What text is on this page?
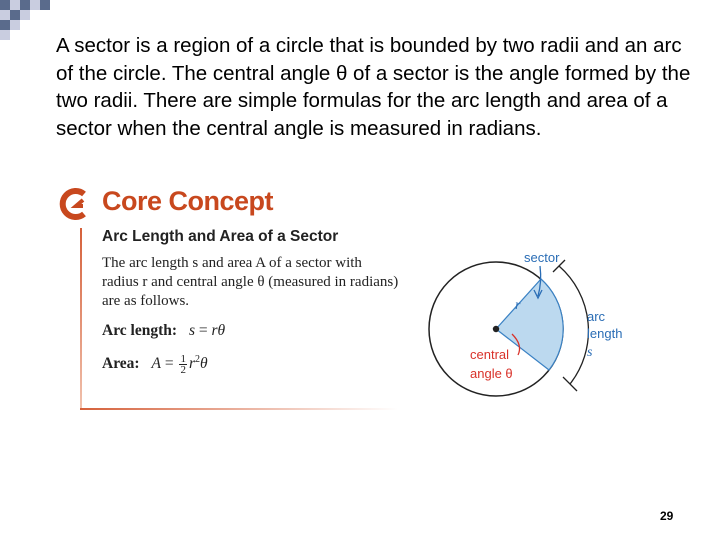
A sector is a region of a circle that is bounded by two radii and an arc of the circle. The central angle θ of a sector is the angle formed by the two radii. There are simple formulas for the arc length and area of a sector when the central angle is measured in radians.

Core Concept
Arc Length and Area of a Sector
The arc length s and area A of a sector with radius r and central angle θ (measured in radians) are as follows.
Arc length: s = rθ
Area: $A = \frac{1}{2} r^2\theta$
sector
r
arc
length
s
central
angle θ
29
